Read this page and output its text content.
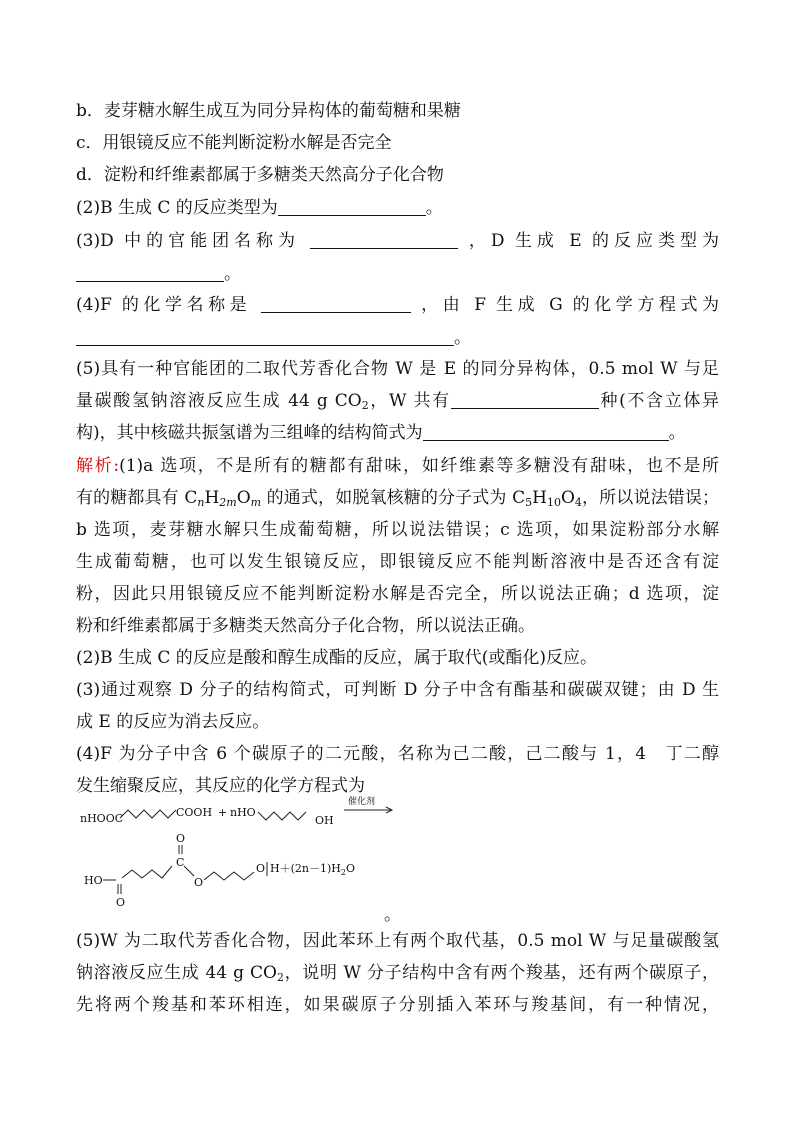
b．麦芽糖水解生成互为同分异构体的葡萄糖和果糖
c．用银镜反应不能判断淀粉水解是否完全
d．淀粉和纤维素都属于多糖类天然高分子化合物
(2)B 生成 C 的反应类型为	。
(3)D 中的官能团名称为	，D 生成 E 的反应类型为
。
(4)F 的化学名称是	，由 F 生成 G 的化学方程式为
。
(5)具有一种官能团的二取代芳香化合物 W 是 E 的同分异构体，0.5 mol W 与足
量碳酸氢钠溶液反应生成 44 g $CO_2$，W 共有	种(不含立体异
构)，其中核磁共振氢谱为三组峰的结构简式为	。
解析:(1)a 选项，不是所有的糖都有甜味，如纤维素等多糖没有甜味，也不是所
有的糖都具有 $C_nH_{2m}O_m$ 的通式，如脱氧核糖的分子式为 $C_5H_{10}O_4$，所以说法错误；
b 选项，麦芽糖水解只生成葡萄糖，所以说法错误；c 选项，如果淀粉部分水解
生成葡萄糖，也可以发生银镜反应，即银镜反应不能判断溶液中是否还含有淀
粉，因此只用银镜反应不能判断淀粉水解是否完全，所以说法正确；d 选项，淀
粉和纤维素都属于多糖类天然高分子化合物，所以说法正确。
(2)B 生成 C 的反应是酸和醇生成酯的反应，属于取代(或酯化)反应。
(3)通过观察 D 分子的结构简式，可判断 D 分子中含有酯基和碳碳双键；由 D 生
成 E 的反应为消去反应。
(4)F 为分子中含 6 个碳原子的二元酸，名称为己二酸，己二酸与 1，4　丁二醇
发生缩聚反应，其反应的化学方程式为
nHOOC	COOH + nHO
OH
催化剂
O
C
HO
O
O
O $H+(2n-1)H_2O$
。
(5)W 为二取代芳香化合物，因此苯环上有两个取代基，0.5 mol W 与足量碳酸氢
钠溶液反应生成 44 g $CO_2$，说明 W 分子结构中含有两个羧基，还有两个碳原子，
先将两个羧基和苯环相连，如果碳原子分别插入苯环与羧基间，有一种情况，
